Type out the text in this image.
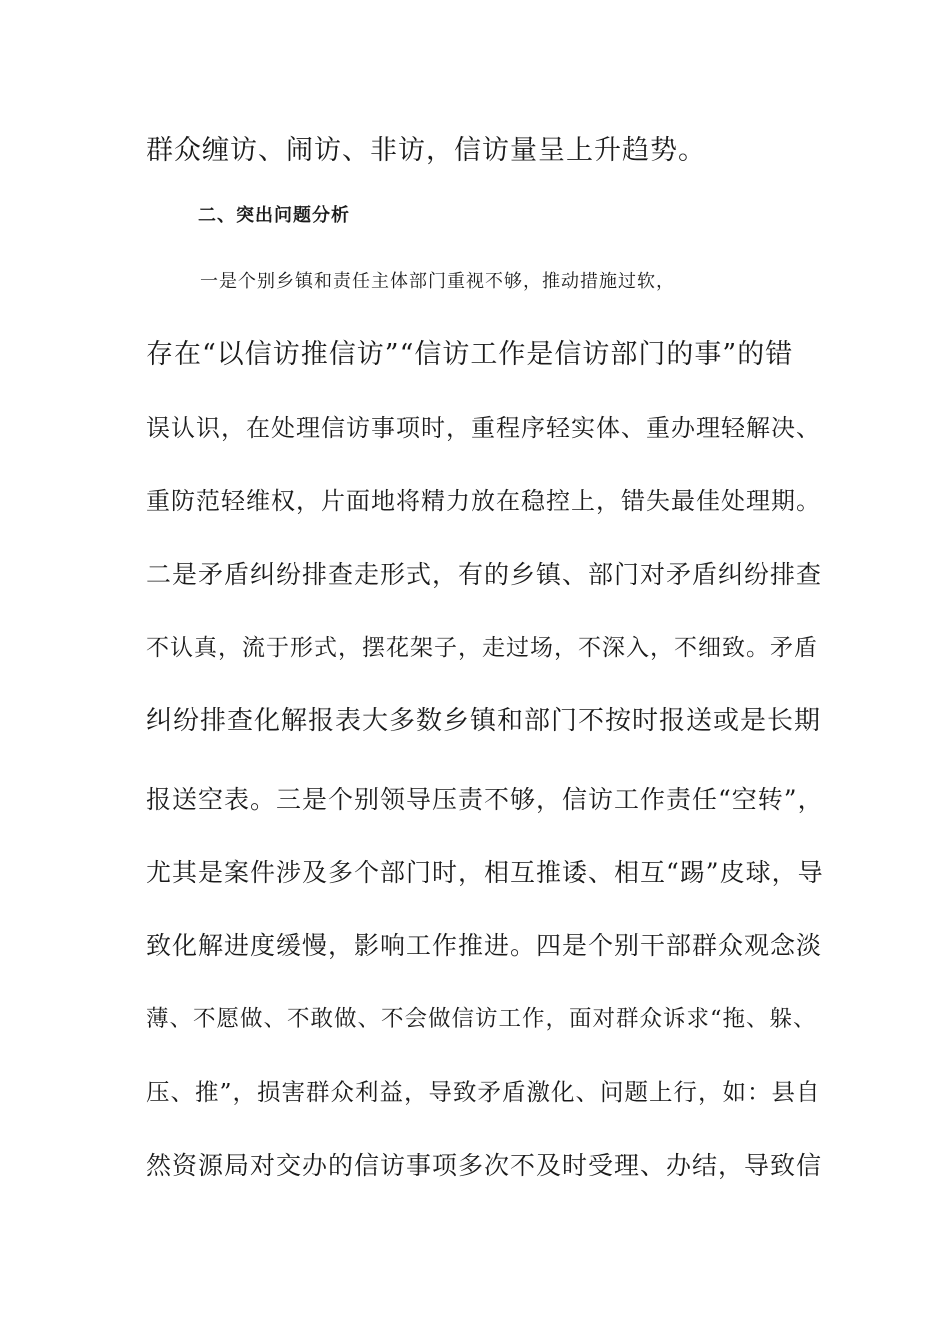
群众缠访、闹访、非访，信访量呈上升趋势。
二、突出问题分析
一是个别乡镇和责任主体部门重视不够，推动措施过软，
存在“以信访推信访”“信访工作是信访部门的事”的错
误认识，在处理信访事项时，重程序轻实体、重办理轻解决、
重防范轻维权，片面地将精力放在稳控上，错失最佳处理期。
二是矛盾纠纷排查走形式，有的乡镇、部门对矛盾纠纷排查
不认真，流于形式，摆花架子，走过场，不深入，不细致。矛盾
纠纷排查化解报表大多数乡镇和部门不按时报送或是长期
报送空表。三是个别领导压责不够，信访工作责任“空转”，
尤其是案件涉及多个部门时，相互推诿、相互“踢”皮球，导
致化解进度缓慢，影响工作推进。四是个别干部群众观念淡
薄、不愿做、不敢做、不会做信访工作，面对群众诉求“拖、躲、
压、推”，损害群众利益，导致矛盾激化、问题上行，如：县自
然资源局对交办的信访事项多次不及时受理、办结，导致信
